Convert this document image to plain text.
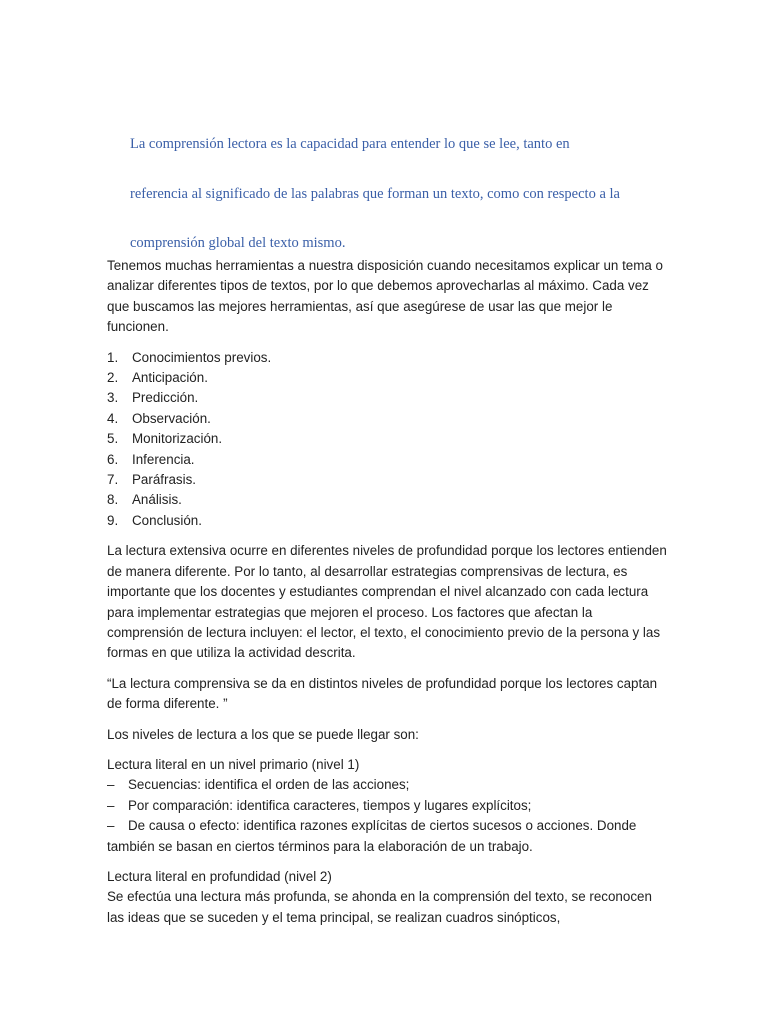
La comprensión lectora es la capacidad para entender lo que se lee, tanto en
referencia al significado de las palabras que forman un texto, como con respecto a la
comprensión global del texto mismo.

Tenemos muchas herramientas a nuestra disposición cuando necesitamos explicar un tema o analizar diferentes tipos de textos, por lo que debemos aprovecharlas al máximo. Cada vez que buscamos las mejores herramientas, así que asegúrese de usar las que mejor le funcionen.

1.	Conocimientos previos.
2.	Anticipación.
3.	Predicción.
4.	Observación.
5.	Monitorización.
6.	Inferencia.
7.	Paráfrasis.
8.	Análisis.
9.	Conclusión.

La lectura extensiva ocurre en diferentes niveles de profundidad porque los lectores entienden de manera diferente. Por lo tanto, al desarrollar estrategias comprensivas de lectura, es importante que los docentes y estudiantes comprendan el nivel alcanzado con cada lectura para implementar estrategias que mejoren el proceso. Los factores que afectan la comprensión de lectura incluyen: el lector, el texto, el conocimiento previo de la persona y las formas en que utiliza la actividad descrita.

“La lectura comprensiva se da en distintos niveles de profundidad porque los lectores captan de forma diferente. ”

Los niveles de lectura a los que se puede llegar son:

Lectura literal en un nivel primario (nivel 1)

–	Secuencias: identifica el orden de las acciones;
–	Por comparación: identifica caracteres, tiempos y lugares explícitos;
–	De causa o efecto: identifica razones explícitas de ciertos sucesos o acciones. Donde

también se basan en ciertos términos para la elaboración de un trabajo.

Lectura literal en profundidad (nivel 2)

Se efectúa una lectura más profunda, se ahonda en la comprensión del texto, se reconocen las ideas que se suceden y el tema principal, se realizan cuadros sinópticos,
